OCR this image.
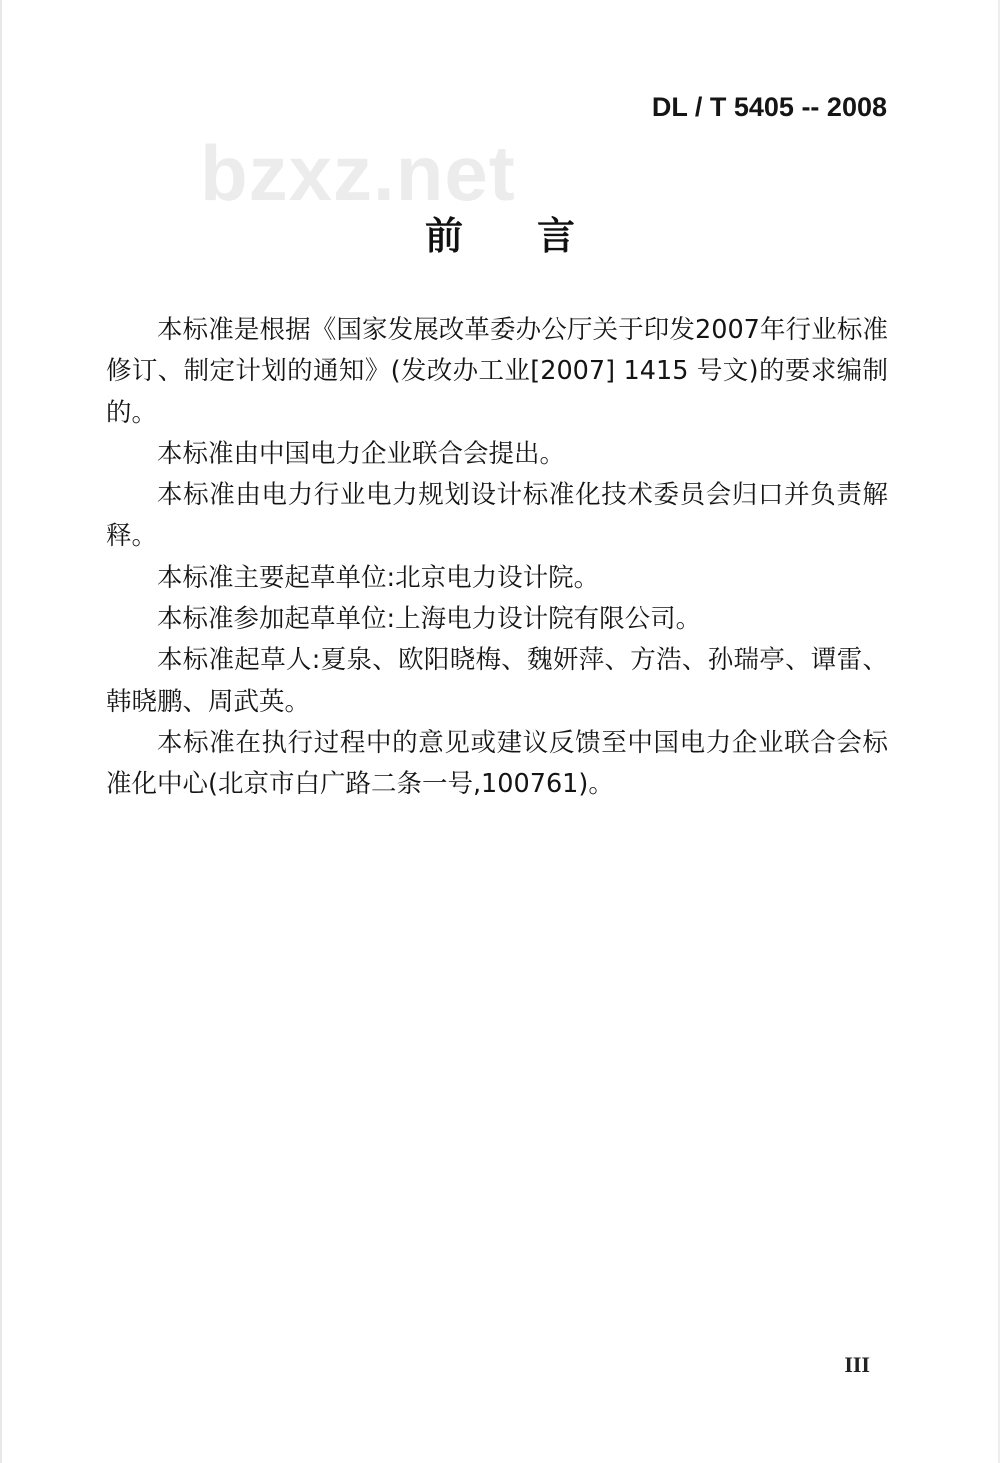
DL / T 5405 -- 2008
bzxz.net
前言

本标准是根据《国家发展改革委办公厅关于印发2007年行业标准修订、制定计划的通知》(发改办工业[2007] 1415 号文)的要求编制的。

本标准由中国电力企业联合会提出。

本标准由电力行业电力规划设计标准化技术委员会归口并负责解释。

本标准主要起草单位:北京电力设计院。

本标准参加起草单位:上海电力设计院有限公司。

本标准起草人:夏泉、欧阳晓梅、魏妍萍、方浩、孙瑞亭、谭雷、韩晓鹏、周武英。

本标准在执行过程中的意见或建议反馈至中国电力企业联合会标准化中心(北京市白广路二条一号,100761)。

III
